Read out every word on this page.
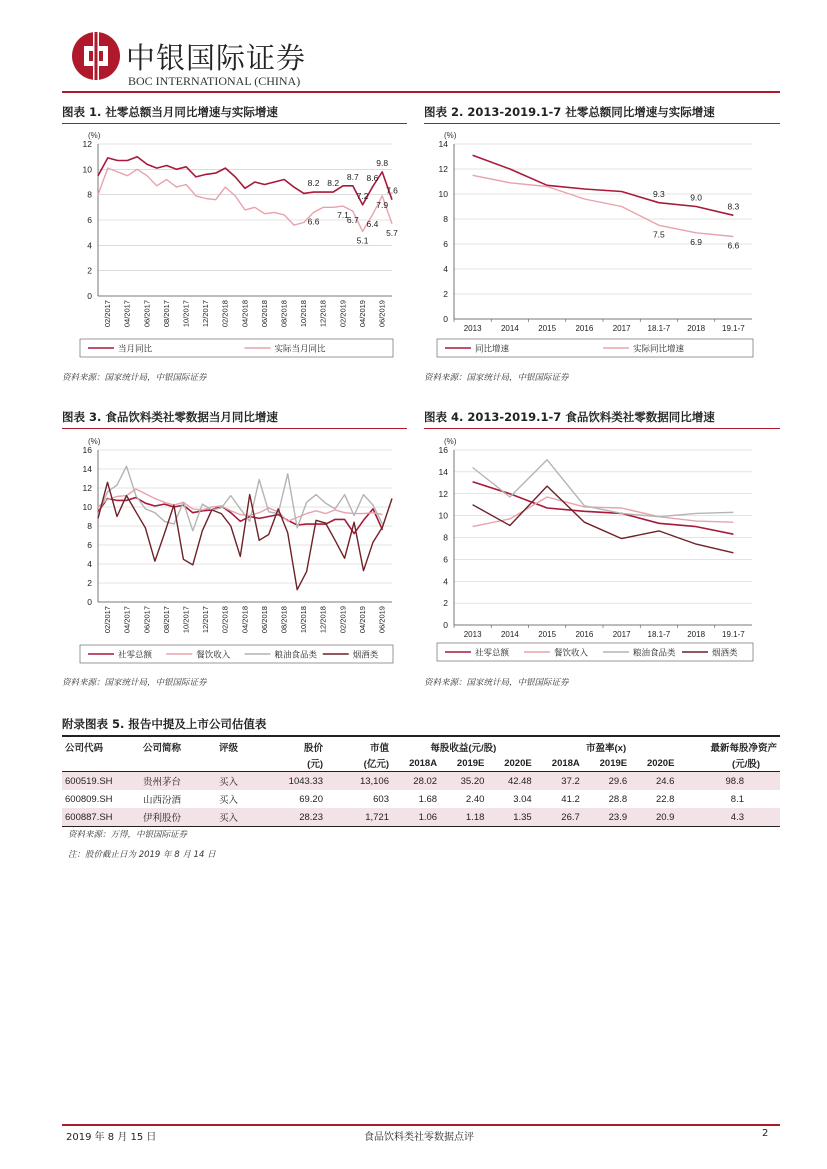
中银国际证券
BOC INTERNATIONAL (CHINA)
图表 1. 社零总额当月同比增速与实际增速	图表 2. 2013-2019.1-7 社零总额同比增速与实际增速
图表 3. 食品饮料类社零数据当月同比增速	图表 4. 2013-2019.1-7 食品饮料类社零数据同比增速
(%)
0
2
4
6
8
10
12
02/2017 04/2017 06/2017 08/2017 10/2017 12/2017 02/2018 04/2018 06/2018 08/2018 10/2018 12/2018 02/2019 04/2019 06/2019
8.2 8.2
8.7
7.2
8.6
9.8
7.9
7.6
6.6
7.1
6.7
5.1
6.4
5.7
当月同比	实际当月同比
(%)
0
2
4
6
8
10
12
14
2013 2014 2015 2016 2017 18.1-7 2018 19.1-7
9.3	9.0
8.3
7.5
6.9	6.6
同比增速	实际同比增速
(%)
0
2
4
6
8
10
12
14
16
02/2017 04/2017 06/2017 08/2017 10/2017 12/2017 02/2018 04/2018 06/2018 08/2018 10/2018 12/2018 02/2019 04/2019 06/2019
社零总额	餐饮收入	粮油食品类	烟酒类
(%)
0
2
4
6
8
10
12
14
16
2013 2014 2015 2016 2017 18.1-7 2018 19.1-7
社零总额	餐饮收入	粮油食品类	烟酒类
资料来源：国家统计局，中银国际证券	资料来源：国家统计局，中银国际证券
资料来源：国家统计局，中银国际证券	资料来源：国家统计局，中银国际证券
附录图表 5. 报告中提及上市公司估值表
公司代码	公司简称	评级	股价	市值	每股收益(元/股)			市盈率(x)			最新每股净资产
			(元)	(亿元)	2018A	2019E	2020E	2018A	2019E	2020E	(元/股)
600519.SH	贵州茅台	买入	1043.33	13,106	28.02	35.20	42.48	37.2	29.6	24.6	98.8
600809.SH	山西汾酒	买入	69.20	603	1.68	2.40	3.04	41.2	28.8	22.8	8.1
600887.SH	伊利股份	买入	28.23	1,721	1.06	1.18	1.35	26.7	23.9	20.9	4.3
资料来源：万得，中银国际证券
注：股价截止日为 2019 年 8 月 14 日
2019 年 8 月 15 日	食品饮料类社零数据点评	2
